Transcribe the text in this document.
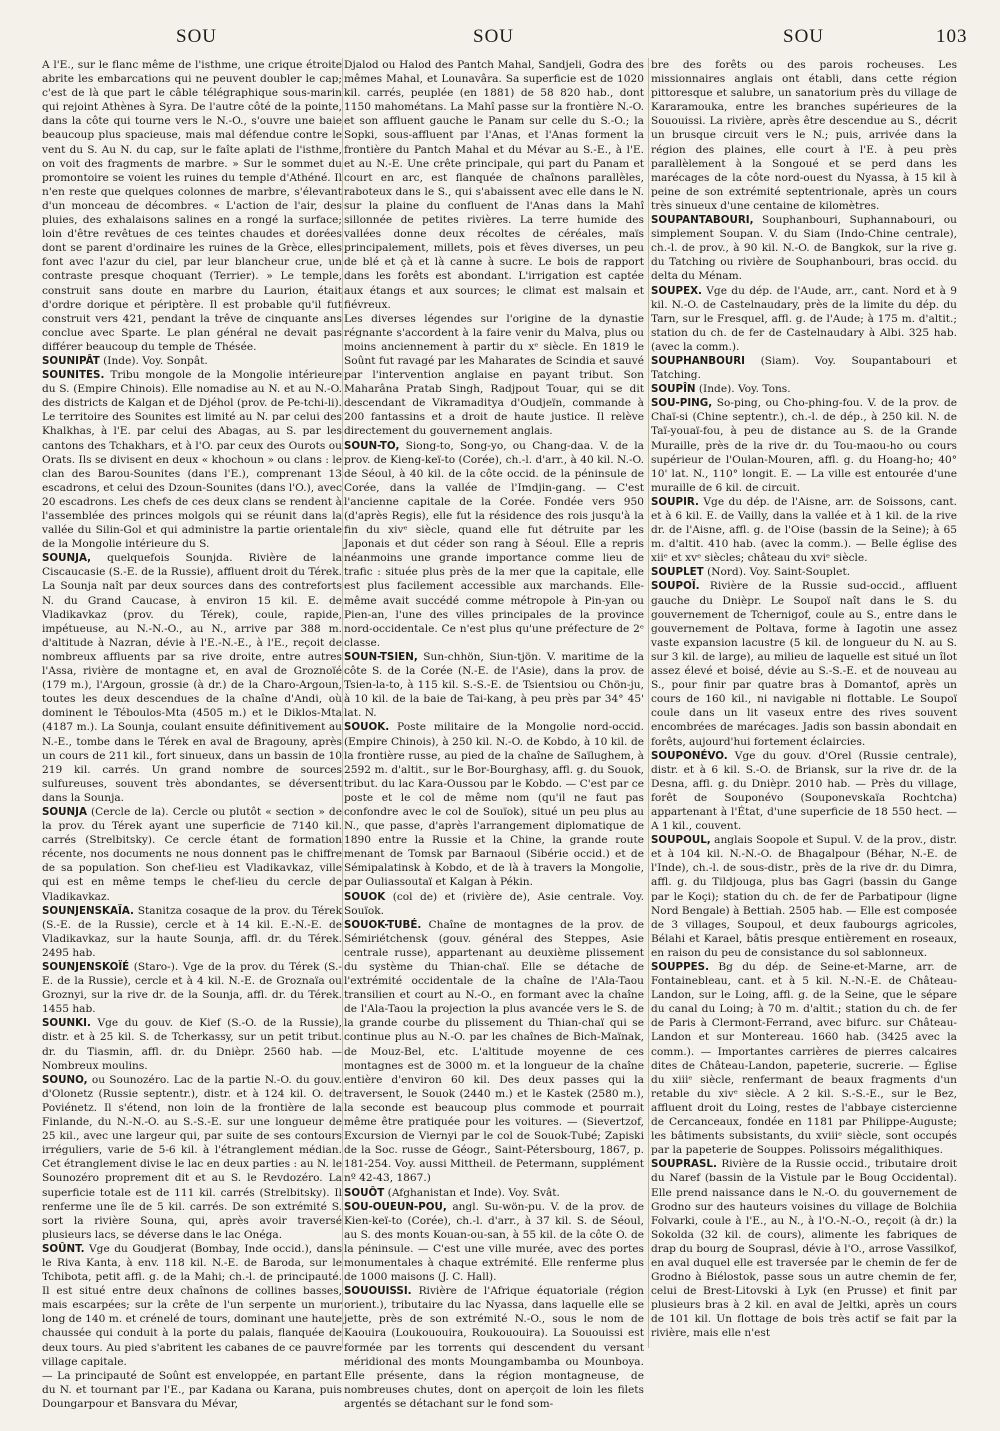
SOU	SOU	SOU	103

A l'E., sur le flanc même de l'isthme, une crique étroite abrite les embarcations qui ne peuvent doubler le cap; c'est de là que part le câble télégraphique sous-marin qui rejoint Athènes à Syra. De l'autre côté de la pointe, dans la côte qui tourne vers le N.-O., s'ouvre une baie beaucoup plus spacieuse, mais mal défendue contre le vent du S. Au N. du cap, sur le faîte aplati de l'isthme, on voit des fragments de marbre. » Sur le sommet du promontoire se voient les ruines du temple d'Athéné. Il n'en reste que quelques colonnes de marbre, s'élevant d'un monceau de décombres. « L'action de l'air, des pluies, des exhalaisons salines en a rongé la surface; loin d'être revêtues de ces teintes chaudes et dorées dont se parent d'ordinaire les ruines de la Grèce, elles font avec l'azur du ciel, par leur blancheur crue, un contraste presque choquant (Terrier). » Le temple, construit sans doute en marbre du Laurion, était d'ordre dorique et périptère. Il est probable qu'il fut construit vers 421, pendant la trêve de cinquante ans conclue avec Sparte. Le plan général ne devait pas différer beaucoup du temple de Thésée.

SOUNIPÂT (Inde). Voy. Sonpât.

SOUNITES. Tribu mongole de la Mongolie intérieure du S. (Empire Chinois). Elle nomadise au N. et au N.-O. des districts de Kalgan et de Djéhol (prov. de Pe-tchi-li). Le territoire des Sounites est limité au N. par celui des Khalkhas, à l'E. par celui des Abagas, au S. par les cantons des Tchakhars, et à l'O. par ceux des Ourots ou Orats. Ils se divisent en deux « khochoun » ou clans : le clan des Barou-Sounites (dans l'E.), comprenant 13 escadrons, et celui des Dzoun-Sounites (dans l'O.), avec 20 escadrons. Les chefs de ces deux clans se rendent à l'assemblée des princes molgols qui se réunit dans la vallée du Silin-Gol et qui administre la partie orientale de la Mongolie intérieure du S.

SOUNJA, quelquefois Sounjda. Rivière de la Ciscaucasie (S.-E. de la Russie), affluent droit du Térek. La Sounja naît par deux sources dans des contreforts N. du Grand Caucase, à environ 15 kil. E. de Vladikavkaz (prov. du Térek), coule, rapide, impétueuse, au N.-N.-O., au N., arrive par 388 m. d'altitude à Nazran, dévie à l'E.-N.-E., à l'E., reçoit de nombreux affluents par sa rive droite, entre autres l'Assa, rivière de montagne et, en aval de Groznoïé (179 m.), l'Argoun, grossie (à dr.) de la Charo-Argoun, toutes les deux descendues de la chaîne d'Andi, où dominent le Téboulos-Mta (4505 m.) et le Diklos-Mta (4187 m.). La Sounja, coulant ensuite définitivement au N.-E., tombe dans le Térek en aval de Bragouny, après un cours de 211 kil., fort sinueux, dans un bassin de 10 219 kil. carrés. Un grand nombre de sources sulfureuses, souvent très abondantes, se déversent dans la Sounja.

SOUNJA (Cercle de la). Cercle ou plutôt « section » de la prov. du Térek ayant une superficie de 7140 kil. carrés (Strelbitsky). Ce cercle étant de formation récente, nos documents ne nous donnent pas le chiffre de sa population. Son chef-lieu est Vladikavkaz, ville qui est en même temps le chef-lieu du cercle de Vladikavkaz.

SOUNJENSKAÏA. Stanitza cosaque de la prov. du Térek (S.-E. de la Russie), cercle et à 14 kil. E.-N.-E. de Vladikavkaz, sur la haute Sounja, affl. dr. du Térek. 2495 hab.

SOUNJENSKOÏÉ (Staro-). Vge de la prov. du Térek (S.-E. de la Russie), cercle et à 4 kil. N.-E. de Groznaïa ou Groznyi, sur la rive dr. de la Sounja, affl. dr. du Térek. 1455 hab.

SOUNKI. Vge du gouv. de Kief (S.-O. de la Russie), distr. et à 25 kil. S. de Tcherkassy, sur un petit tribut. dr. du Tiasmin, affl. dr. du Dnièpr. 2560 hab. — Nombreux moulins.

SOUNO, ou Sounozéro. Lac de la partie N.-O. du gouv. d'Olonetz (Russie septentr.), distr. et à 124 kil. O. de Poviénetz. Il s'étend, non loin de la frontière de la Finlande, du N.-N.-O. au S.-S.-E. sur une longueur de 25 kil., avec une largeur qui, par suite de ses contours irréguliers, varie de 5-6 kil. à l'étranglement médian. Cet étranglement divise le lac en deux parties : au N. le Sounozéro proprement dit et au S. le Revdozéro. La superficie totale est de 111 kil. carrés (Strelbitsky). Il renferme une île de 5 kil. carrés. De son extrémité S. sort la rivière Souna, qui, après avoir traversé plusieurs lacs, se déverse dans le lac Onéga.

SOÛNT. Vge du Goudjerat (Bombay, Inde occid.), dans le Riva Kanta, à env. 118 kil. N.-E. de Baroda, sur le Tchibota, petit affl. g. de la Mahi; ch.-l. de principauté. Il est situé entre deux chaînons de collines basses, mais escarpées; sur la crête de l'un serpente un mur long de 140 m. et crénelé de tours, dominant une haute chaussée qui conduit à la porte du palais, flanquée de deux tours. Au pied s'abritent les cabanes de ce pauvre village capitale.

— La principauté de Soûnt est enveloppée, en partant du N. et tournant par l'E., par Kadana ou Karana, puis Doungarpour et Bansvara du Mévar,

Djalod ou Halod des Pantch Mahal, Sandjeli, Godra des mêmes Mahal, et Lounavâra. Sa superficie est de 1020 kil. carrés, peuplée (en 1881) de 58 820 hab., dont 1150 mahométans. La Mahî passe sur la frontière N.-O. et son affluent gauche le Panam sur celle du S.-O.; la Sopki, sous-affluent par l'Anas, et l'Anas forment la frontière du Pantch Mahal et du Mévar au S.-E., à l'E. et au N.-E. Une crête principale, qui part du Panam et court en arc, est flanquée de chaînons parallèles, raboteux dans le S., qui s'abaissent avec elle dans le N. sur la plaine du confluent de l'Anas dans la Mahî sillonnée de petites rivières. La terre humide des vallées donne deux récoltes de céréales, maïs principalement, millets, pois et fèves diverses, un peu de blé et çà et là canne à sucre. Le bois de rapport dans les forêts est abondant. L'irrigation est captée aux étangs et aux sources; le climat est malsain et fiévreux.

Les diverses légendes sur l'origine de la dynastie régnante s'accordent à la faire venir du Malva, plus ou moins anciennement à partir du xᵉ siècle. En 1819 le Soûnt fut ravagé par les Maharates de Scindia et sauvé par l'intervention anglaise en payant tribut. Son Maharâna Pratab Singh, Radjpout Touar, qui se dit descendant de Vikramaditya d'Oudjeïn, commande à 200 fantassins et a droit de haute justice. Il relève directement du gouvernement anglais.

SOUN-TO, Siong-to, Song-yo, ou Chang-daa. V. de la prov. de Kieng-keï-to (Corée), ch.-l. d'arr., à 40 kil. N.-O. de Séoul, à 40 kil. de la côte occid. de la péninsule de Corée, dans la vallée de l'Imdjin-gang. — C'est l'ancienne capitale de la Corée. Fondée vers 950 (d'après Regis), elle fut la résidence des rois jusqu'à la fin du xivᵉ siècle, quand elle fut détruite par les Japonais et dut céder son rang à Séoul. Elle a repris néanmoins une grande importance comme lieu de trafic : située plus près de la mer que la capitale, elle est plus facilement accessible aux marchands. Elle-même avait succédé comme métropole à Pin-yan ou Pien-an, l'une des villes principales de la province nord-occidentale. Ce n'est plus qu'une préfecture de 2ᵉ classe.

SOUN-TSIEN, Sun-chhön, Siun-tjön. V. maritime de la côte S. de la Corée (N.-E. de l'Asie), dans la prov. de Tsien-la-to, à 115 kil. S.-S.-E. de Tsientsiou ou Chön-ju, à 10 kil. de la baie de Tai-kang, à peu près par 34° 45' lat. N.

SOUOK. Poste militaire de la Mongolie nord-occid. (Empire Chinois), à 250 kil. N.-O. de Kobdo, à 10 kil. de la frontière russe, au pied de la chaîne de Saïlughem, à 2592 m. d'altit., sur le Bor-Bourghasy, affl. g. du Souok, tribut. du lac Kara-Oussou par le Kobdo. — C'est par ce poste et le col de même nom (qu'il ne faut pas confondre avec le col de Souïok), situé un peu plus au N., que passe, d'après l'arrangement diplomatique de 1890 entre la Russie et la Chine, la grande route menant de Tomsk par Barnaoul (Sibérie occid.) et de Sémipalatinsk à Kobdo, et de là à travers la Mongolie, par Ouliassoutaï et Kalgan à Pékin.

SOUOK (col de) et (rivière de), Asie centrale. Voy. Souïok.

SOUOK-TUBÉ. Chaîne de montagnes de la prov. de Sémiriétchensk (gouv. général des Steppes, Asie centrale russe), appartenant au deuxième plissement du système du Thian-chaï. Elle se détache de l'extrémité occidentale de la chaîne de l'Ala-Taou transilien et court au N.-O., en formant avec la chaîne de l'Ala-Taou la projection la plus avancée vers le S. de la grande courbe du plissement du Thian-chaï qui se continue plus au N.-O. par les chaînes de Bich-Maïnak, de Mouz-Bel, etc. L'altitude moyenne de ces montagnes est de 3000 m. et la longueur de la chaîne entière d'environ 60 kil. Des deux passes qui la traversent, le Souok (2440 m.) et le Kastek (2580 m.), la seconde est beaucoup plus commode et pourrait même être pratiquée pour les voitures. — (Sievertzof, Excursion de Viernyi par le col de Souok-Tubé; Zapiski de la Soc. russe de Géogr., Saint-Pétersbourg, 1867, p. 181-254. Voy. aussi Mittheil. de Petermann, supplément nº 42-43, 1867.)

SOUÔT (Afghanistan et Inde). Voy. Svât.

SOU-OUEUN-POU, angl. Su-wön-pu. V. de la prov. de Kien-keï-to (Corée), ch.-l. d'arr., à 37 kil. S. de Séoul, au S. des monts Kouan-ou-san, à 55 kil. de la côte O. de la péninsule. — C'est une ville murée, avec des portes monumentales à chaque extrémité. Elle renferme plus de 1000 maisons (J. C. Hall).

SOUOUISSI. Rivière de l'Afrique équatoriale (région orient.), tributaire du lac Nyassa, dans laquelle elle se jette, près de son extrémité N.-O., sous le nom de Kaouira (Loukououira, Roukououira). La Sououissi est formée par les torrents qui descendent du versant méridional des monts Moungambamba ou Mounboya. Elle présente, dans la région montagneuse, de nombreuses chutes, dont on aperçoit de loin les filets argentés se détachant sur le fond som-

bre des forêts ou des parois rocheuses. Les missionnaires anglais ont établi, dans cette région pittoresque et salubre, un sanatorium près du village de Kararamouka, entre les branches supérieures de la Sououissi. La rivière, après être descendue au S., décrit un brusque circuit vers le N.; puis, arrivée dans la région des plaines, elle court à l'E. à peu près parallèlement à la Songoué et se perd dans les marécages de la côte nord-ouest du Nyassa, à 15 kil à peine de son extrémité septentrionale, après un cours très sinueux d'une centaine de kilomètres.

SOUPANTABOURI, Souphanbouri, Suphannabouri, ou simplement Soupan. V. du Siam (Indo-Chine centrale), ch.-l. de prov., à 90 kil. N.-O. de Bangkok, sur la rive g. du Tatching ou rivière de Souphanbouri, bras occid. du delta du Ménam.

SOUPEX. Vge du dép. de l'Aude, arr., cant. Nord et à 9 kil. N.-O. de Castelnaudary, près de la limite du dép. du Tarn, sur le Fresquel, affl. g. de l'Aude; à 175 m. d'altit.; station du ch. de fer de Castelnaudary à Albi. 325 hab. (avec la comm.).

SOUPHANBOURI (Siam). Voy. Soupantabouri et Tatching.

SOUPÎN (Inde). Voy. Tons.

SOU-PING, So-ping, ou Cho-phing-fou. V. de la prov. de Chaï-si (Chine septentr.), ch.-l. de dép., à 250 kil. N. de Taï-youaï-fou, à peu de distance au S. de la Grande Muraille, près de la rive dr. du Tou-maou-ho ou cours supérieur de l'Oulan-Mouren, affl. g. du Hoang-ho; 40° 10' lat. N., 110° longit. E. — La ville est entourée d'une muraille de 6 kil. de circuit.

SOUPIR. Vge du dép. de l'Aisne, arr. de Soissons, cant. et à 6 kil. E. de Vailly, dans la vallée et à 1 kil. de la rive dr. de l'Aisne, affl. g. de l'Oise (bassin de la Seine); à 65 m. d'altit. 410 hab. (avec la comm.). — Belle église des xiiᵉ et xvᵉ siècles; château du xviᵉ siècle.

SOUPLET (Nord). Voy. Saint-Souplet.

SOUPOÏ. Rivière de la Russie sud-occid., affluent gauche du Dnièpr. Le Soupoï naît dans le S. du gouvernement de Tchernigof, coule au S., entre dans le gouvernement de Poltava, forme à Iagotin une assez vaste expansion lacustre (5 kil. de longueur du N. au S. sur 3 kil. de large), au milieu de laquelle est situé un îlot assez élevé et boisé, dévie au S.-S.-E. et de nouveau au S., pour finir par quatre bras à Domantof, après un cours de 160 kil., ni navigable ni flottable. Le Soupoï coule dans un lit vaseux entre des rives souvent encombrées de marécages. Jadis son bassin abondait en forêts, aujourd'hui fortement éclaircies.

SOUPONÉVO. Vge du gouv. d'Orel (Russie centrale), distr. et à 6 kil. S.-O. de Briansk, sur la rive dr. de la Desna, affl. g. du Dnièpr. 2010 hab. — Près du village, forêt de Souponévo (Souponevskaïa Rochtcha) appartenant à l'État, d'une superficie de 18 550 hect. — A 1 kil., couvent.

SOUPOUL, anglais Soopole et Supul. V. de la prov., distr. et à 104 kil. N.-N.-O. de Bhagalpour (Béhar, N.-E. de l'Inde), ch.-l. de sous-distr., près de la rive dr. du Dimra, affl. g. du Tildjouga, plus bas Gagri (bassin du Gange par le Koçi); station du ch. de fer de Parbatipour (ligne Nord Bengale) à Bettiah. 2505 hab. — Elle est composée de 3 villages, Soupoul, et deux faubourgs agricoles, Bélahi et Karael, bâtis presque entièrement en roseaux, en raison du peu de consistance du sol sablonneux.

SOUPPES. Bg du dép. de Seine-et-Marne, arr. de Fontainebleau, cant. et à 5 kil. N.-N.-E. de Château-Landon, sur le Loing, affl. g. de la Seine, que le sépare du canal du Loing; à 70 m. d'altit.; station du ch. de fer de Paris à Clermont-Ferrand, avec bifurc. sur Château-Landon et sur Montereau. 1660 hab. (3425 avec la comm.). — Importantes carrières de pierres calcaires dites de Château-Landon, papeterie, sucrerie. — Église du xiiiᵉ siècle, renfermant de beaux fragments d'un retable du xivᵉ siècle. A 2 kil. S.-S.-E., sur le Bez, affluent droit du Loing, restes de l'abbaye cistercienne de Cercanceaux, fondée en 1181 par Philippe-Auguste; les bâtiments subsistants, du xviiiᵉ siècle, sont occupés par la papeterie de Souppes. Polissoirs mégalithiques.

SOUPRASL. Rivière de la Russie occid., tributaire droit du Naref (bassin de la Vistule par le Boug Occidental). Elle prend naissance dans le N.-O. du gouvernement de Grodno sur des hauteurs voisines du village de Bolchiia Folvarki, coule à l'E., au N., à l'O.-N.-O., reçoit (à dr.) la Sokolda (32 kil. de cours), alimente les fabriques de drap du bourg de Souprasl, dévie à l'O., arrose Vassilkof, en aval duquel elle est traversée par le chemin de fer de Grodno à Biélostok, passe sous un autre chemin de fer, celui de Brest-Litovski à Lyk (en Prusse) et finit par plusieurs bras à 2 kil. en aval de Jeltki, après un cours de 101 kil. Un flottage de bois très actif se fait par la rivière, mais elle n'est
